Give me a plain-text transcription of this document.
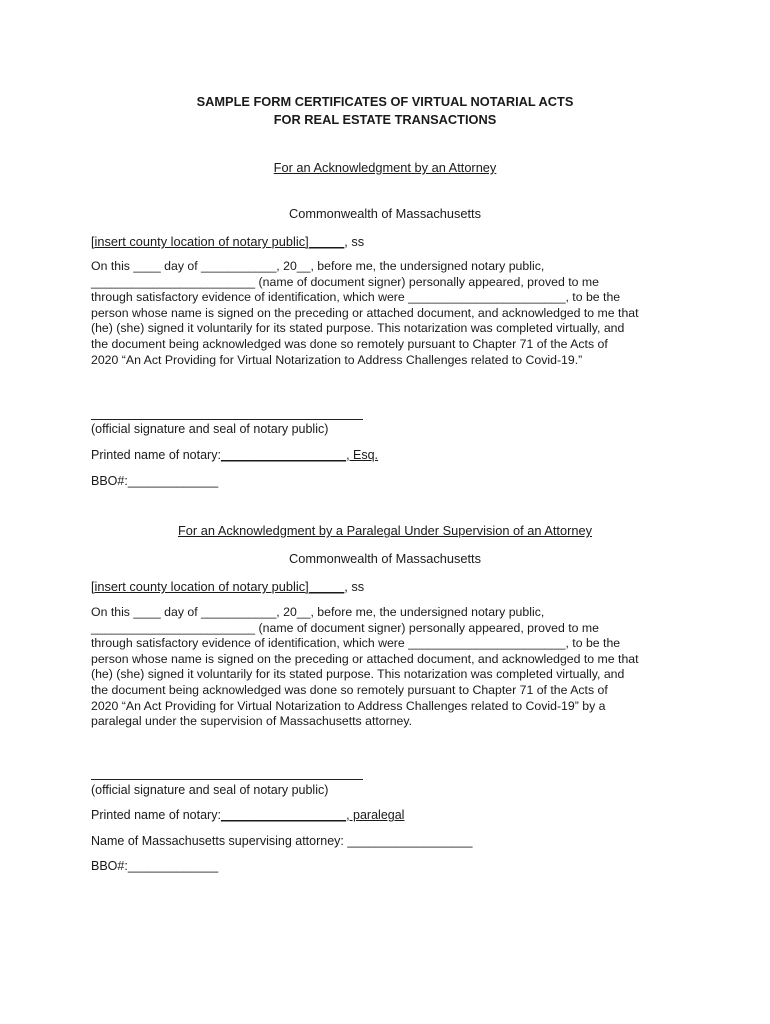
SAMPLE FORM CERTIFICATES OF VIRTUAL NOTARIAL ACTS
FOR REAL ESTATE TRANSACTIONS
For an Acknowledgment by an Attorney
Commonwealth of Massachusetts
[insert county location of notary public]_____, ss
On this ____ day of ___________, 20__, before me, the undersigned notary public,
________________________ (name of document signer) personally appeared, proved to me
through satisfactory evidence of identification, which were _______________________, to be the
person whose name is signed on the preceding or attached document, and acknowledged to me that
(he) (she) signed it voluntarily for its stated purpose. This notarization was completed virtually, and
the document being acknowledged was done so remotely pursuant to Chapter 71 of the Acts of
2020 “An Act Providing for Virtual Notarization to Address Challenges related to Covid-19.”
(official signature and seal of notary public)
Printed name of notary:__________________, Esq.
BBO#:_____________
For an Acknowledgment by a Paralegal Under Supervision of an Attorney
Commonwealth of Massachusetts
[insert county location of notary public]_____, ss
On this ____ day of ___________, 20__, before me, the undersigned notary public,
________________________ (name of document signer) personally appeared, proved to me
through satisfactory evidence of identification, which were _______________________, to be the
person whose name is signed on the preceding or attached document, and acknowledged to me that
(he) (she) signed it voluntarily for its stated purpose. This notarization was completed virtually, and
the document being acknowledged was done so remotely pursuant to Chapter 71 of the Acts of
2020 “An Act Providing for Virtual Notarization to Address Challenges related to Covid-19” by a
paralegal under the supervision of Massachusetts attorney.
(official signature and seal of notary public)
Printed name of notary:__________________, paralegal
Name of Massachusetts supervising attorney: __________________
BBO#:_____________
